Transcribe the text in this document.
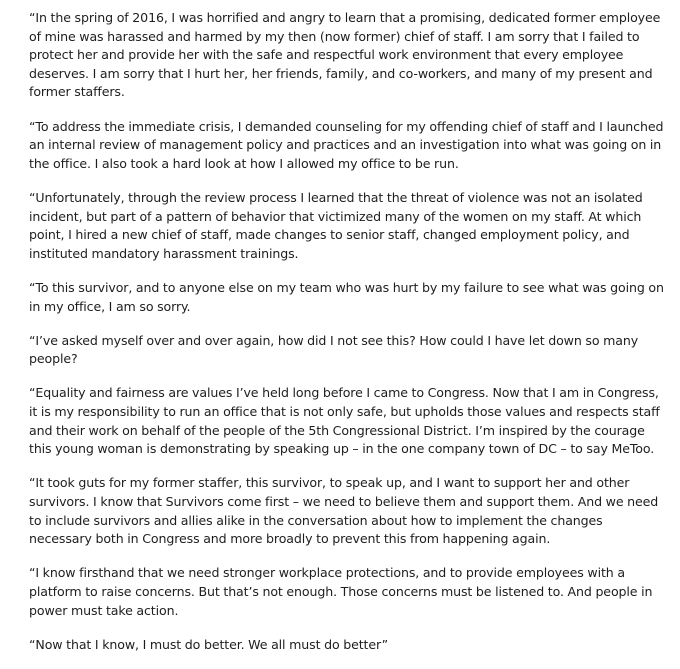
“In the spring of 2016, I was horrified and angry to learn that a promising, dedicated former employee of mine was harassed and harmed by my then (now former) chief of staff. I am sorry that I failed to protect her and provide her with the safe and respectful work environment that every employee deserves. I am sorry that I hurt her, her friends, family, and co-workers, and many of my present and former staffers.

“To address the immediate crisis, I demanded counseling for my offending chief of staff and I launched an internal review of management policy and practices and an investigation into what was going on in the office. I also took a hard look at how I allowed my office to be run.

“Unfortunately, through the review process I learned that the threat of violence was not an isolated incident, but part of a pattern of behavior that victimized many of the women on my staff. At which point, I hired a new chief of staff, made changes to senior staff, changed employment policy, and instituted mandatory harassment trainings.

“To this survivor, and to anyone else on my team who was hurt by my failure to see what was going on in my office, I am so sorry.

“I’ve asked myself over and over again, how did I not see this? How could I have let down so many people?

“Equality and fairness are values I’ve held long before I came to Congress. Now that I am in Congress, it is my responsibility to run an office that is not only safe, but upholds those values and respects staff and their work on behalf of the people of the 5th Congressional District. I’m inspired by the courage this young woman is demonstrating by speaking up – in the one company town of DC – to say MeToo.

“It took guts for my former staffer, this survivor, to speak up, and I want to support her and other survivors. I know that Survivors come first – we need to believe them and support them. And we need to include survivors and allies alike in the conversation about how to implement the changes necessary both in Congress and more broadly to prevent this from happening again.

“I know firsthand that we need stronger workplace protections, and to provide employees with a platform to raise concerns. But that’s not enough. Those concerns must be listened to. And people in power must take action.

“Now that I know, I must do better. We all must do better”
